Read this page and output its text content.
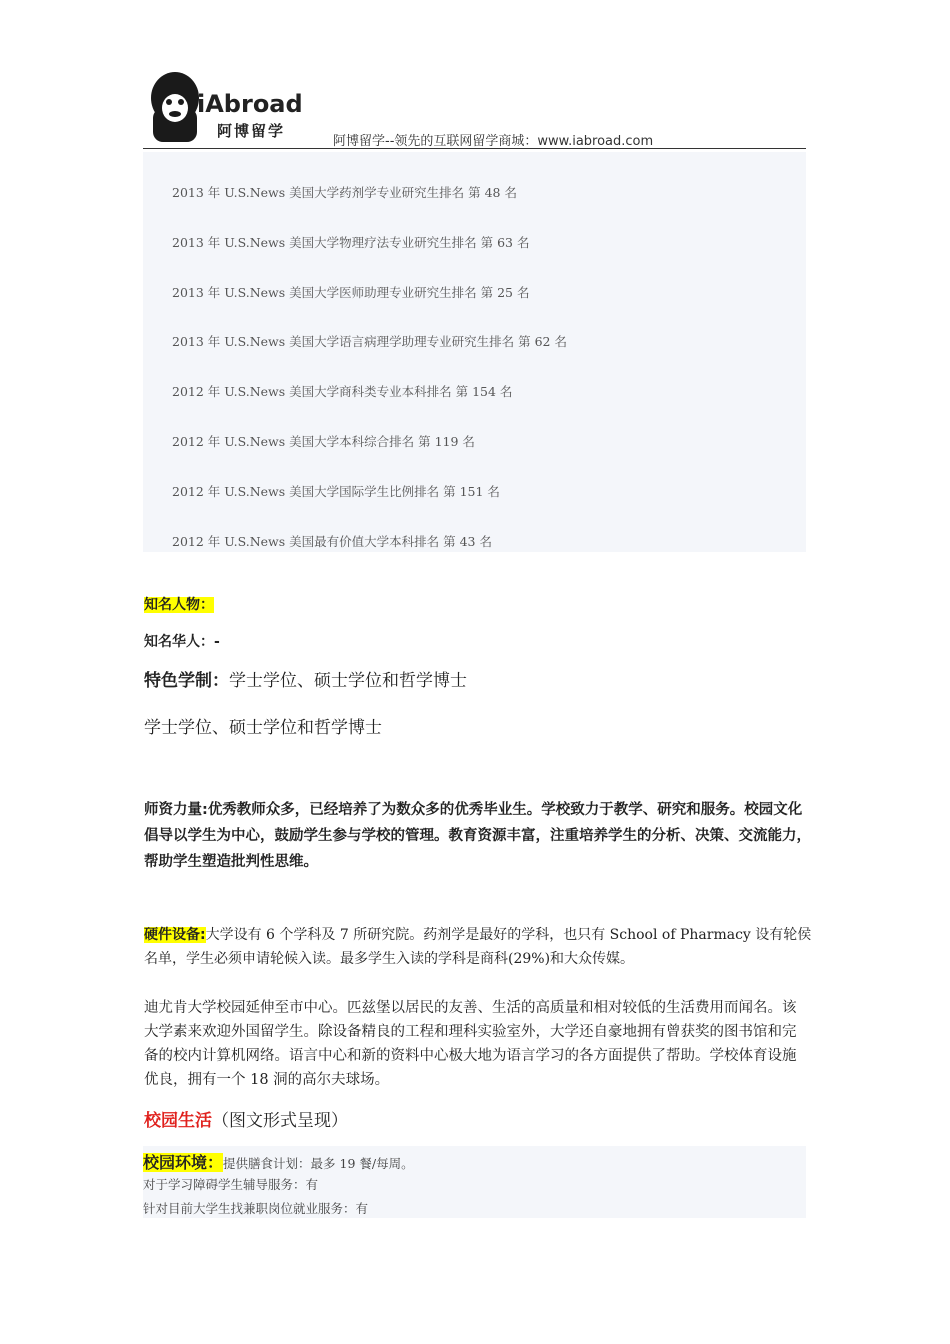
iAbroad
阿博留学
阿博留学--领先的互联网留学商城：www.iabroad.com
2013 年 U.S.News 美国大学药剂学专业研究生排名 第 48 名
2013 年 U.S.News 美国大学物理疗法专业研究生排名 第 63 名
2013 年 U.S.News 美国大学医师助理专业研究生排名 第 25 名
2013 年 U.S.News 美国大学语言病理学助理专业研究生排名 第 62 名
2012 年 U.S.News 美国大学商科类专业本科排名 第 154 名
2012 年 U.S.News 美国大学本科综合排名 第 119 名
2012 年 U.S.News 美国大学国际学生比例排名 第 151 名
2012 年 U.S.News 美国最有价值大学本科排名 第 43 名
知名人物：
知名华人：-
特色学制：学士学位、硕士学位和哲学博士
学士学位、硕士学位和哲学博士
师资力量:优秀教师众多，已经培养了为数众多的优秀毕业生。学校致力于教学、研究和服务。校园文化倡导以学生为中心，鼓励学生参与学校的管理。教育资源丰富，注重培养学生的分析、决策、交流能力，帮助学生塑造批判性思维。
硬件设备:大学设有 6 个学科及 7 所研究院。药剂学是最好的学科，也只有 School of Pharmacy 设有轮侯名单，学生必须申请轮候入读。最多学生入读的学科是商科(29%)和大众传媒。
迪尤肯大学校园延伸至市中心。匹兹堡以居民的友善、生活的高质量和相对较低的生活费用而闻名。该大学素来欢迎外国留学生。除设备精良的工程和理科实验室外，大学还自豪地拥有曾获奖的图书馆和完备的校内计算机网络。语言中心和新的资料中心极大地为语言学习的各方面提供了帮助。学校体育设施优良，拥有一个 18 洞的高尔夫球场。
校园生活（图文形式呈现）
校园环境：提供膳食计划：最多 19 餐/每周。
对于学习障碍学生辅导服务：有
针对目前大学生找兼职岗位就业服务：有
